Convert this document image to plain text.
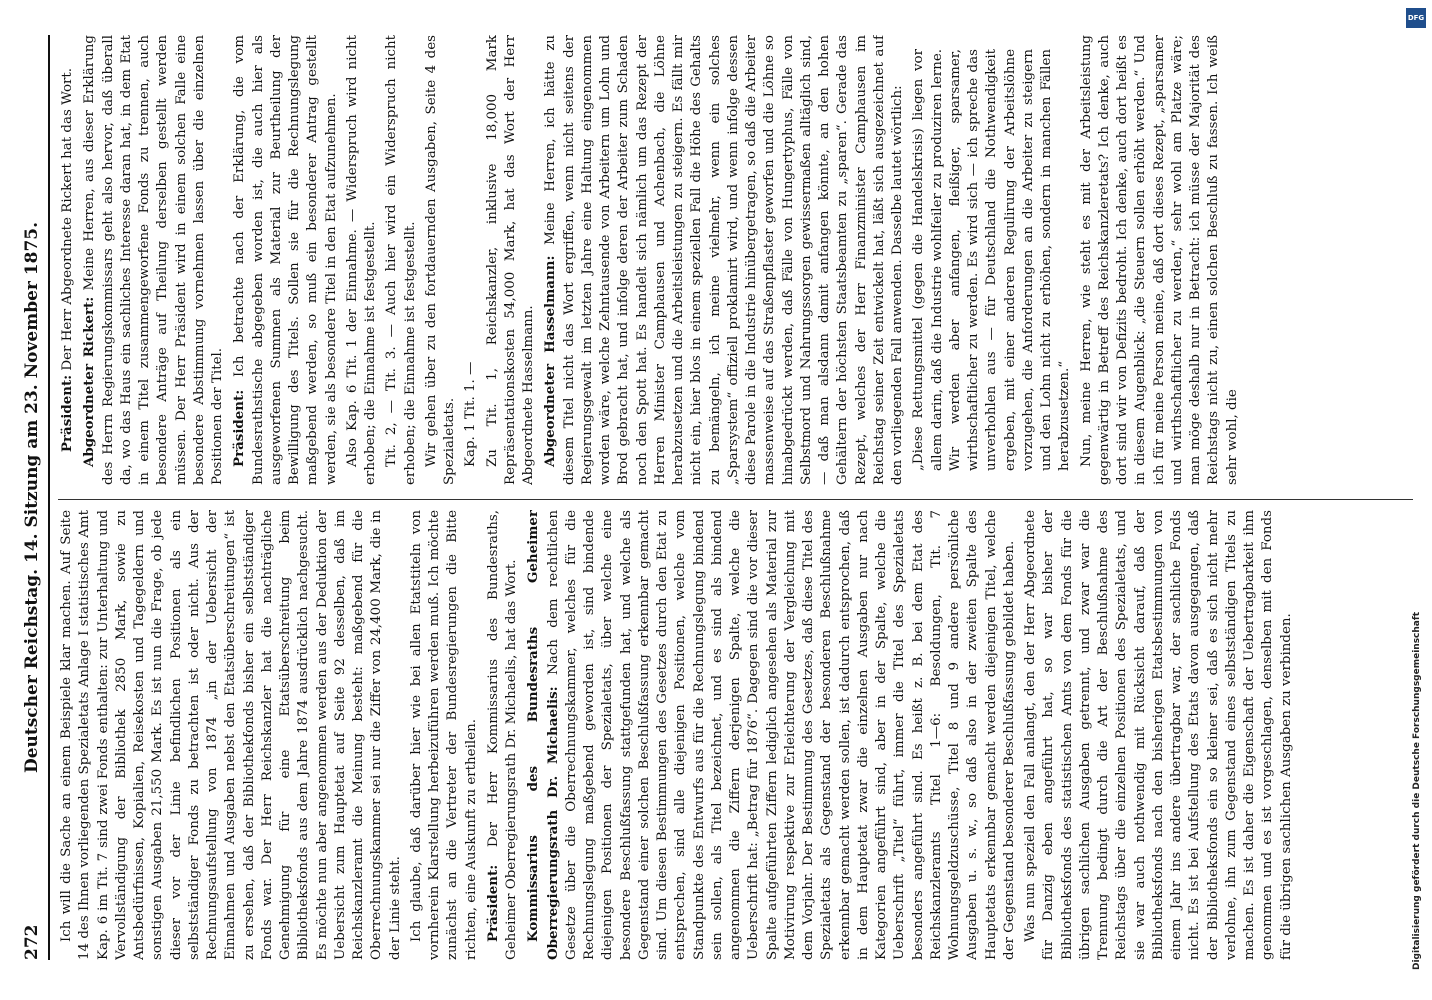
272
Deutscher Reichstag. 14. Sitzung am 23. November 1875. Ich will die Sache an einem Beispiele klar machen. Auf Seite 14 des Ihnen vorliegenden Spezialetats Anlage I statistisches Amt Kap. 6 im Tit. 7 sind zwei Fonds enthalten: zur Unterhaltung und Vervollständigung der Bibliothek 2850 Mark, sowie zu Antsbedürfnissen, Kopialien, Reisekosten und Tagegeldern und sonstigen Ausgaben 21,550 Mark. Es ist nun die Frage, ob jede dieser vor der Linie befindlichen Positionen als ein selbstständiger Fonds zu betrachten ist oder nicht. Aus der Rechnungsaufstellung von 1874 „in der Uebersicht der Einnahmen und Ausgaben nebst den Etatsüberschreitungen“ ist zu ersehen, daß der Bibliothekfonds bisher ein selbstständiger Fonds war. Der Herr Reichskanzler hat die nachträgliche Genehmigung für eine Etatsüberschreitung beim Bibliotheksfonds aus dem Jahre 1874 ausdrücklich nachgesucht. Es möchte nun aber angenommen werden aus der Deduktion der Uebersicht zum Hauptetat auf Seite 92 desselben, daß im Reichskanzleramt die Meinung besteht: maßgebend für die Oberrechnungskammer sei nur die Ziffer von 24,400 Mark, die in der Linie steht. Ich glaube, daß darüber hier wie bei allen Etatstiteln von vornherein Klarstellung herbeizuführen werden muß. Ich möchte zunächst an die Vertreter der Bundesregierungen die Bitte richten, eine Auskunft zu ertheilen. Präsident: Der Herr Kommissarius des Bundesraths, Geheimer Oberregierungsrath Dr. Michaelis, hat das Wort. Kommissarius des Bundesraths Geheimer Oberregierungsrath Dr. Michaelis: Nach dem rechtlichen Gesetze über die Oberrechnungskammer, welches für die Rechnungslegung maßgebend geworden ist, sind bindende diejenigen Positionen der Spezialetats, über welche eine besondere Beschlußfassung stattgefunden hat, und welche als Gegenstand einer solchen Beschlußfassung erkennbar gemacht sind. Um diesen Bestimmungen des Gesetzes durch den Etat zu entsprechen, sind alle diejenigen Positionen, welche vom Standpunkte des Entwurfs aus für die Rechnungslegung bindend sein sollen, als Titel bezeichnet, und es sind als bindend angenommen die Ziffern derjenigen Spalte, welche die Ueberschrift hat: „Betrag für 1876“. Dagegen sind die vor dieser Spalte aufgeführten Ziffern lediglich angesehen als Material zur Motivirung respektive zur Erleichterung der Vergleichung mit dem Vorjahr. Der Bestimmung des Gesetzes, daß diese Titel des Spezialetats als Gegenstand der besonderen Beschlußnahme erkennbar gemacht werden sollen, ist dadurch entsprochen, daß in dem Hauptetat zwar die einzelnen Ausgaben nur nach Kategorien angeführt sind, aber in der Spalte, welche die Ueberschrift „Titel“ führt, immer die Titel des Spezialetats besonders angeführt sind. Es heißt z. B. bei dem Etat des Reichskanzleramts Titel 1—6: Besoldungen, Tit. 7 Wohnungsgeldzuschüsse, Titel 8 und 9 andere persönliche Ausgaben u. s. w., so daß also in der zweiten Spalte des Hauptetats erkennbar gemacht werden diejenigen Titel, welche der Gegenstand besonderer Beschlußfassung gebildet haben. Was nun speziell den Fall anlangt, den der Herr Abgeordnete für Danzig eben angeführt hat, so war bisher der Bibliotheksfonds des statistischen Amts von dem Fonds für die übrigen sachlichen Ausgaben getrennt, und zwar war die Trennung bedingt durch die Art der Beschlußnahme des Reichstags über die einzelnen Positionen des Spezialetats, und sie war auch nothwendig mit Rücksicht darauf, daß der Bibliotheksfonds nach den bisherigen Etatsbestimmungen von einem Jahr ins andere übertragbar war, der sachliche Fonds nicht. Es ist bei Aufstellung des Etats davon ausgegangen, daß der Bibliotheksfonds ein so kleiner sei, daß es sich nicht mehr verlohne, ihn zum Gegenstand eines selbstständigen Titels zu machen. Es ist daher die Eigenschaft der Uebertragbarkeit ihm genommen und es ist vorgeschlagen, denselben mit den Fonds für die übrigen sachlichen Ausgaben zu verbinden.

Präsident: Der Herr Abgeordnete Rickert hat das Wort.

Abgeordneter Rickert: Meine Herren, aus dieser Erklärung des Herrn Regierungskommissars geht also hervor, daß überall da, wo das Haus ein sachliches Interesse daran hat, in dem Etat in einem Titel zusammengeworfene Fonds zu trennen, auch besondere Anträge auf Theilung derselben gestellt werden müssen. Der Herr Präsident wird in einem solchen Falle eine besondere Abstimmung vornehmen lassen über die einzelnen Positionen der Titel. Präsident: Ich betrachte nach der Erklärung, die vom Bundesrathstische abgegeben worden ist, die auch hier als ausgeworfenen Summen als Material zur Beurtheilung der Bewilligung des Titels. Sollen sie für die Rechnungslegung maßgebend werden, so muß ein besonderer Antrag gestellt werden, sie als besondere Titel in den Etat aufzunehmen. Also Kap. 6 Tit. 1 der Einnahme. — Widerspruch wird nicht erhoben; die Einnahme ist festgestellt. Tit. 2, — Tit. 3. — Auch hier wird ein Widerspruch nicht erhoben; die Einnahme ist festgestellt. Wir gehen über zu den fortdauernden Ausgaben, Seite 4 des Spezialetats. Kap. 1 Tit. 1. — Zu Tit. 1, Reichskanzler, inklusive 18,000 Mark Repräsentationskosten 54,000 Mark, hat das Wort der Herr Abgeordnete Hasselmann. Abgeordneter Hasselmann: Meine Herren, ich hätte zu diesem Titel nicht das Wort ergriffen, wenn nicht seitens der Regierungsgewalt im letzten Jahre eine Haltung eingenommen worden wäre, welche Zehntausende von Arbeitern um Lohn und Brod gebracht hat, und infolge deren der Arbeiter zum Schaden noch den Spott hat. Es handelt sich nämlich um das Rezept der Herren Minister Camphausen und Achenbach, die Löhne herabzusetzen und die Arbeitsleistungen zu steigern. Es fällt mir nicht ein, hier blos in einem speziellen Fall die Höhe des Gehalts zu bemängeln, ich meine vielmehr, wenn ein solches „Sparsystem“ offiziell proklamirt wird, und wenn infolge dessen diese Parole in die Industrie hinübergetragen, so daß die Arbeiter massenweise auf das Straßenpflaster geworfen und die Löhne so hinabgedrückt werden, daß Fälle von Hungertyphus, Fälle von Selbstmord und Nahrungssorgen gewissermaßen alltäglich sind, — daß man alsdann damit anfangen könnte, an den hohen Gehältern der höchsten Staatsbeamten zu „sparen“. Gerade das Rezept, welches der Herr Finanzminister Camphausen im Reichstag seiner Zeit entwickelt hat, läßt sich ausgezeichnet auf den vorliegenden Fall anwenden. Dasselbe lautet wörtlich: „Diese Rettungsmittel (gegen die Handelskrisis) liegen vor allem darin, daß die Industrie wohlfeiler zu produziren lerne. Wir werden aber anfangen, fleißiger, sparsamer, wirthschaftlicher zu werden. Es wird sich — ich spreche das unverhohlen aus — für Deutschland die Nothwendigkeit ergeben, mit einer anderen Regulirung der Arbeitslöhne vorzugehen, die Anforderungen an die Arbeiter zu steigern und den Lohn nicht zu erhöhen, sondern in manchen Fällen herabzusetzen.“ Nun, meine Herren, wie steht es mit der Arbeitsleistung gegenwärtig in Betreff des Reichskanzleretats? Ich denke, auch dort sind wir von Defizits bedroht. Ich denke, auch dort heißt es in diesem Augenblick: „die Steuern sollen erhöht werden.“ Und ich für meine Person meine, daß dort dieses Rezept, „sparsamer und wirthschaftlicher zu werden,“ sehr wohl am Platze wäre; man möge deshalb nur in Betracht: ich müsse der Majorität des Reichstags nicht zu, einen solchen Beschluß zu fassen. Ich weiß sehr wohl, die

DFG
Digitalisierung gefördert durch die Deutsche Forschungsgemeinschaft
